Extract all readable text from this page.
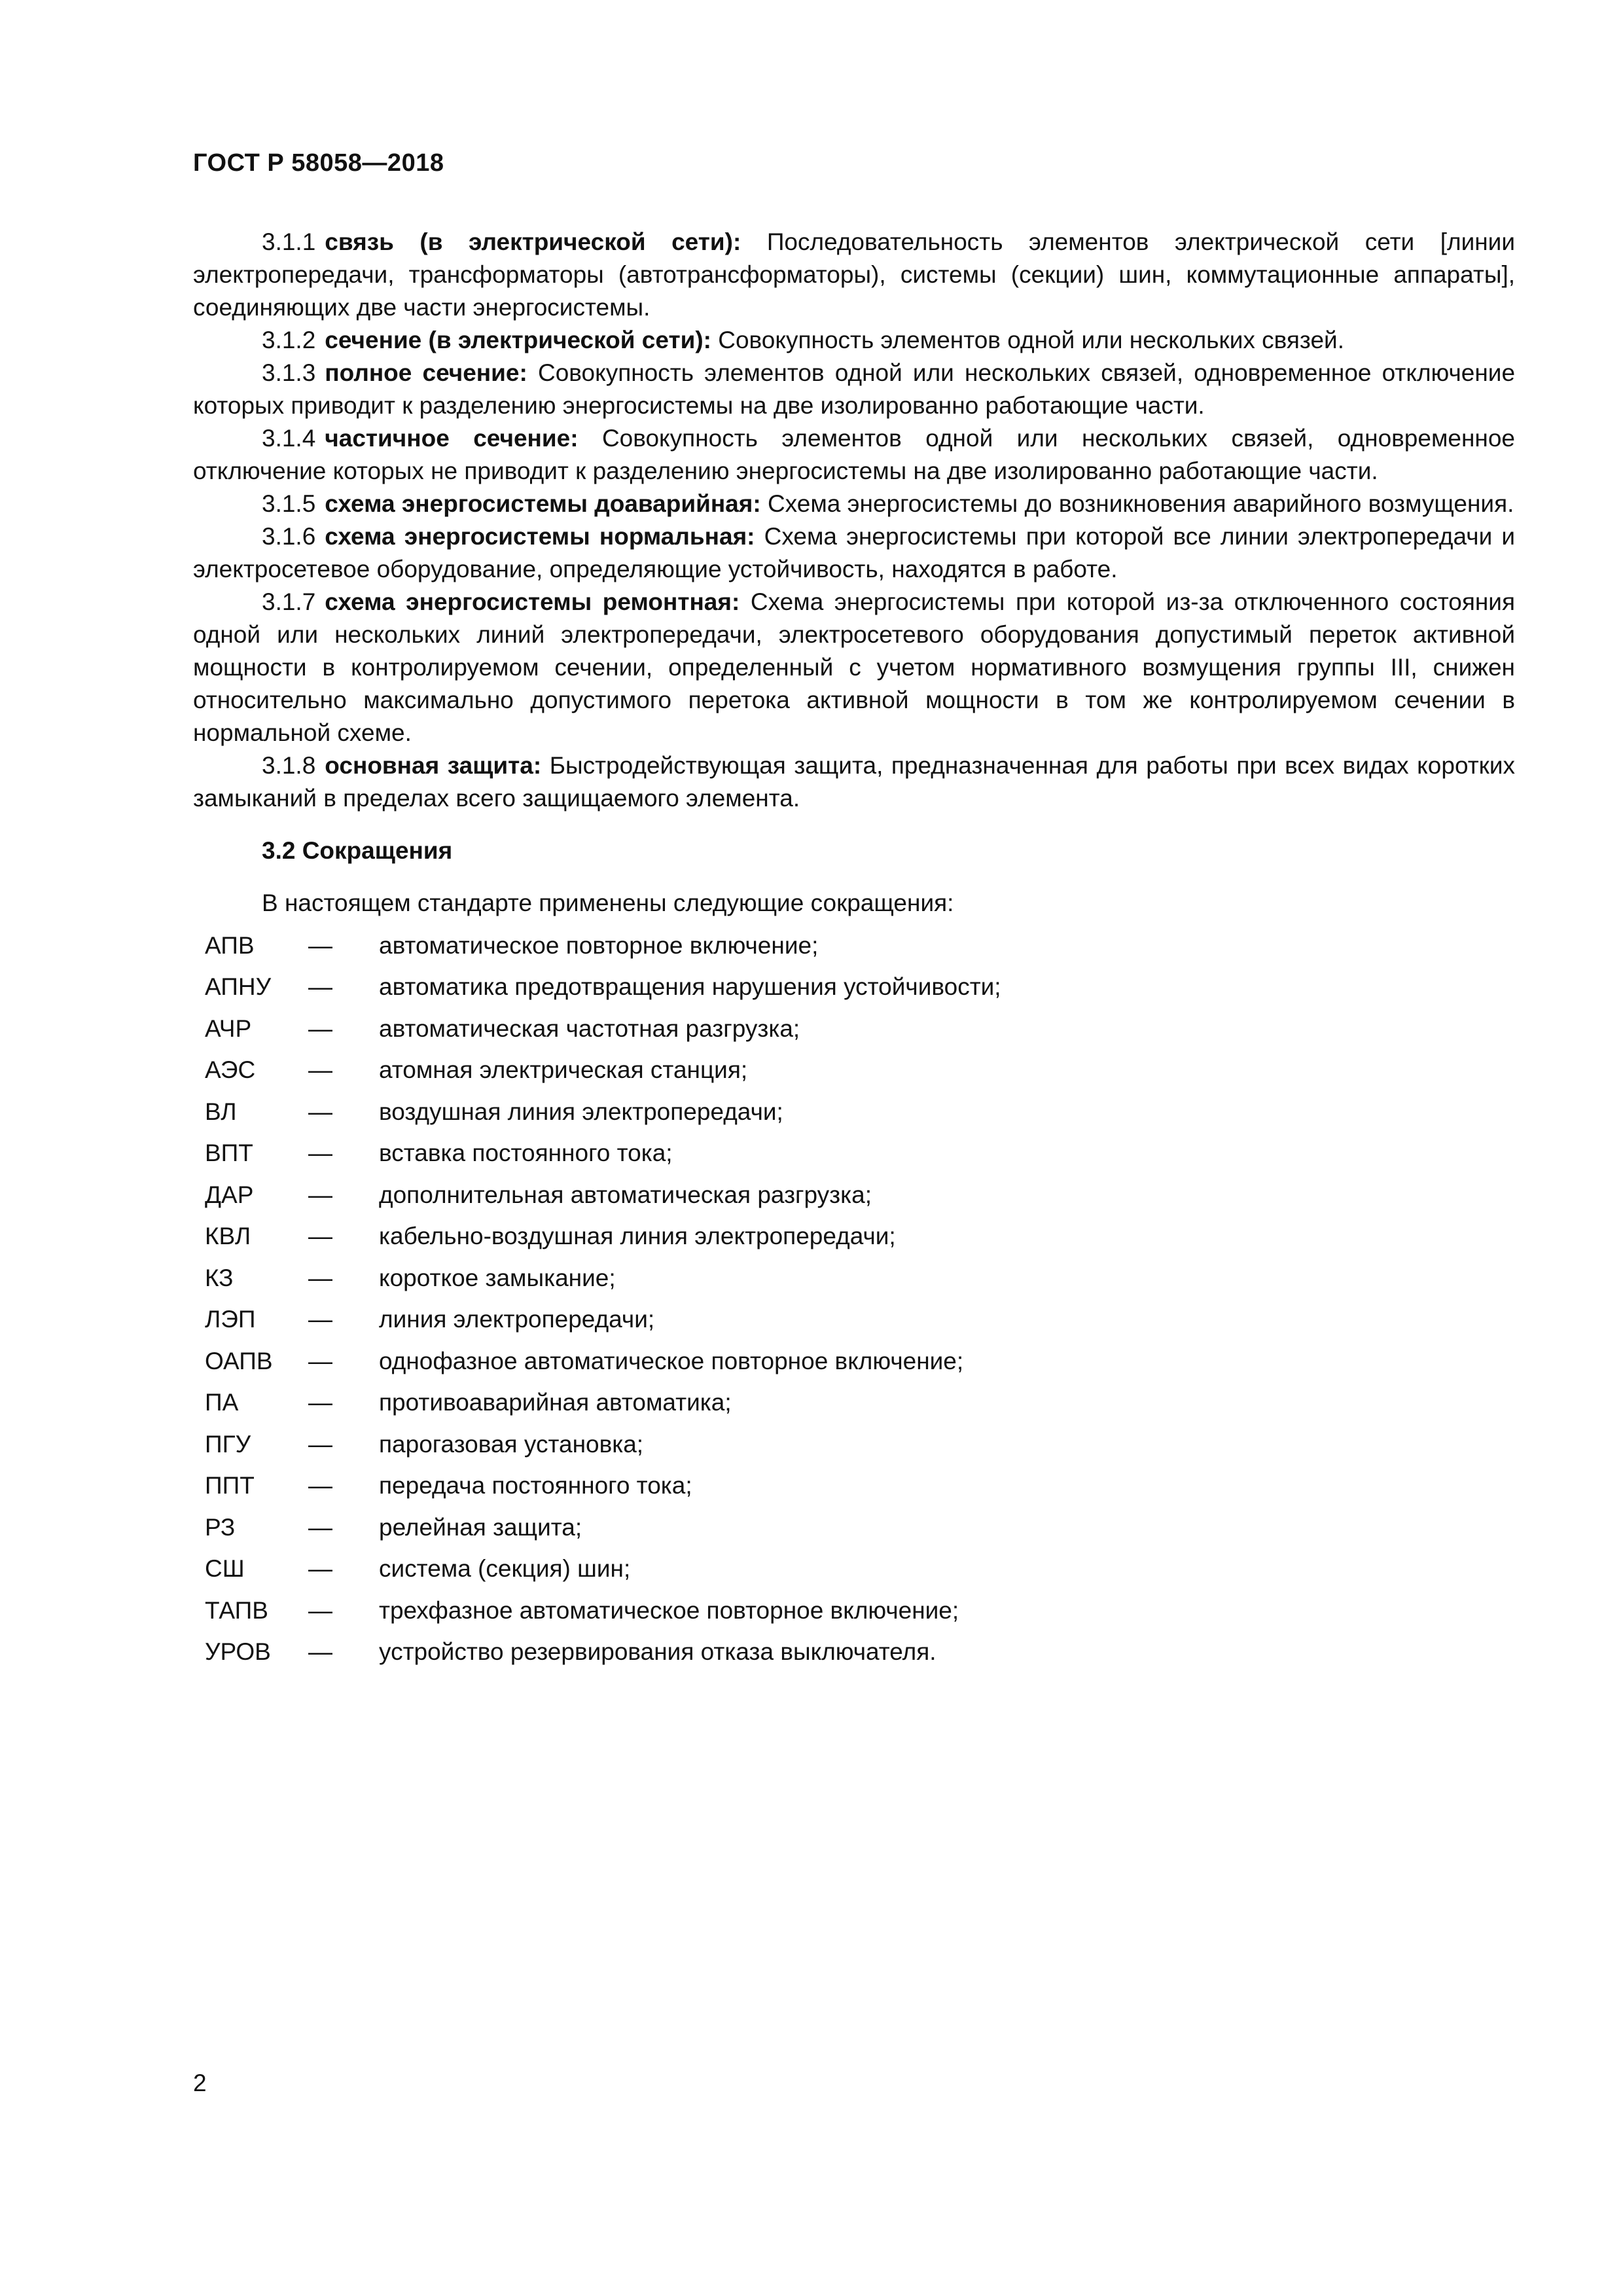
ГОСТ Р 58058—2018

3.1.1 связь (в электрической сети): Последовательность элементов электрической сети [линии электропередачи, трансформаторы (автотрансформаторы), системы (секции) шин, коммутационные аппараты], соединяющих две части энергосистемы.

3.1.2 сечение (в электрической сети): Совокупность элементов одной или нескольких связей.

3.1.3 полное сечение: Совокупность элементов одной или нескольких связей, одновременное отключение которых приводит к разделению энергосистемы на две изолированно работающие части.

3.1.4 частичное сечение: Совокупность элементов одной или нескольких связей, одновременное отключение которых не приводит к разделению энергосистемы на две изолированно работающие части.

3.1.5 схема энергосистемы доаварийная: Схема энергосистемы до возникновения аварийного возмущения.

3.1.6 схема энергосистемы нормальная: Схема энергосистемы при которой все линии электропередачи и электросетевое оборудование, определяющие устойчивость, находятся в работе.

3.1.7 схема энергосистемы ремонтная: Схема энергосистемы при которой из-за отключенного состояния одной или нескольких линий электропередачи, электросетевого оборудования допустимый переток активной мощности в контролируемом сечении, определенный с учетом нормативного возмущения группы III, снижен относительно максимально допустимого перетока активной мощности в том же контролируемом сечении в нормальной схеме.

3.1.8 основная защита: Быстродействующая защита, предназначенная для работы при всех видах коротких замыканий в пределах всего защищаемого элемента.

3.2 Сокращения

В настоящем стандарте применены следующие сокращения:

АПВ	—	автоматическое повторное включение;
АПНУ	—	автоматика предотвращения нарушения устойчивости;
АЧР	—	автоматическая частотная разгрузка;
АЭС	—	атомная электрическая станция;
ВЛ	—	воздушная линия электропередачи;
ВПТ	—	вставка постоянного тока;
ДАР	—	дополнительная автоматическая разгрузка;
КВЛ	—	кабельно-воздушная линия электропередачи;
КЗ	—	короткое замыкание;
ЛЭП	—	линия электропередачи;
ОАПВ	—	однофазное автоматическое повторное включение;
ПА	—	противоаварийная автоматика;
ПГУ	—	парогазовая установка;
ППТ	—	передача постоянного тока;
РЗ	—	релейная защита;
СШ	—	система (секция) шин;
ТАПВ	—	трехфазное автоматическое повторное включение;
УРОВ	—	устройство резервирования отказа выключателя.
2
